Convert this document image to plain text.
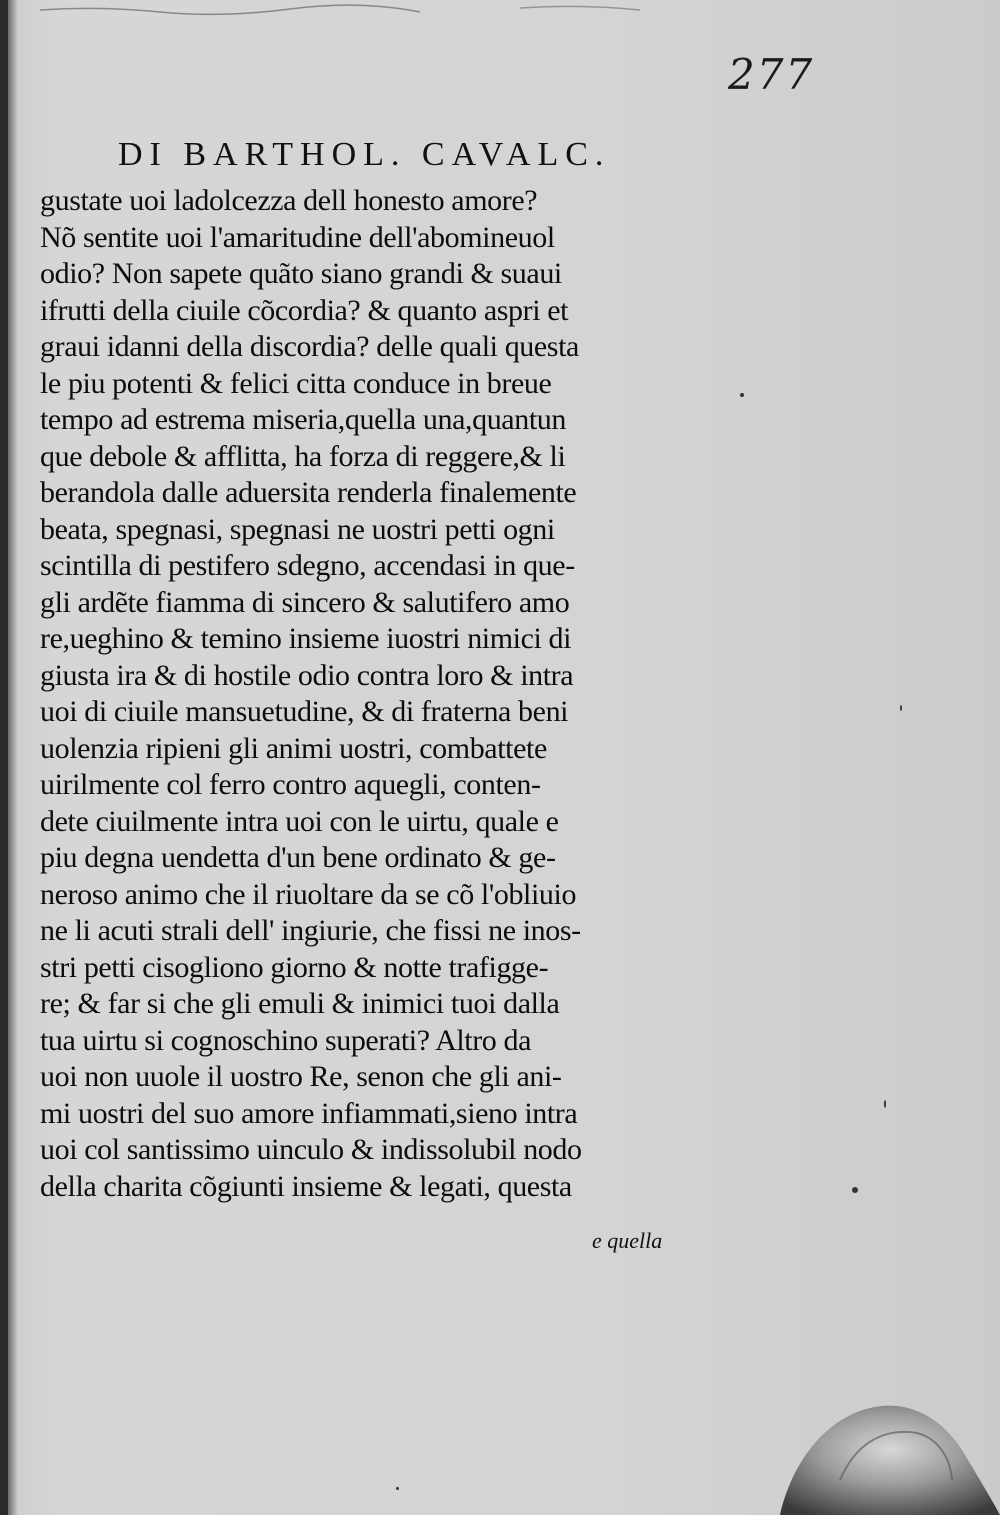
277
DI BARTHOL. CAVALC.
gustate uoi ladolcezza dell honesto amore?
Nõ sentite uoi l'amaritudine dell'abomineuol
odio? Non sapete quãto siano grandi & suaui
ifrutti della ciuile cõcordia? & quanto aspri et
graui idanni della discordia? delle quali questa
le piu potenti & felici citta conduce in breue
tempo ad estrema miseria,quella una,quantun
que debole & afflitta, ha forza di reggere,& li
berandola dalle aduersita renderla finalemente
beata, spegnasi, spegnasi ne uostri petti ogni
scintilla di pestifero sdegno, accendasi in que-
gli ardẽte fiamma di sincero & salutifero amo
re,ueghino & temino insieme iuostri nimici di
giusta ira & di hostile odio contra loro & intra
uoi di ciuile mansuetudine, & di fraterna beni
uolenzia ripieni gli animi uostri, combattete
uirilmente col ferro contro aquegli, conten-
dete ciuilmente intra uoi con le uirtu, quale e
piu degna uendetta d'un bene ordinato & ge-
neroso animo che il riuoltare da se cõ l'obliuio
ne li acuti strali dell' ingiurie, che fissi ne inos-
stri petti cisogliono giorno & notte trafigge-
re; & far si che gli emuli & inimici tuoi dalla
tua uirtu si cognoschino superati? Altro da
uoi non uuole il uostro Re, senon che gli ani-
mi uostri del suo amore infiammati,sieno intra
uoi col santissimo uinculo & indissolubil nodo
della charita cõgiunti insieme & legati, questa
e quella
